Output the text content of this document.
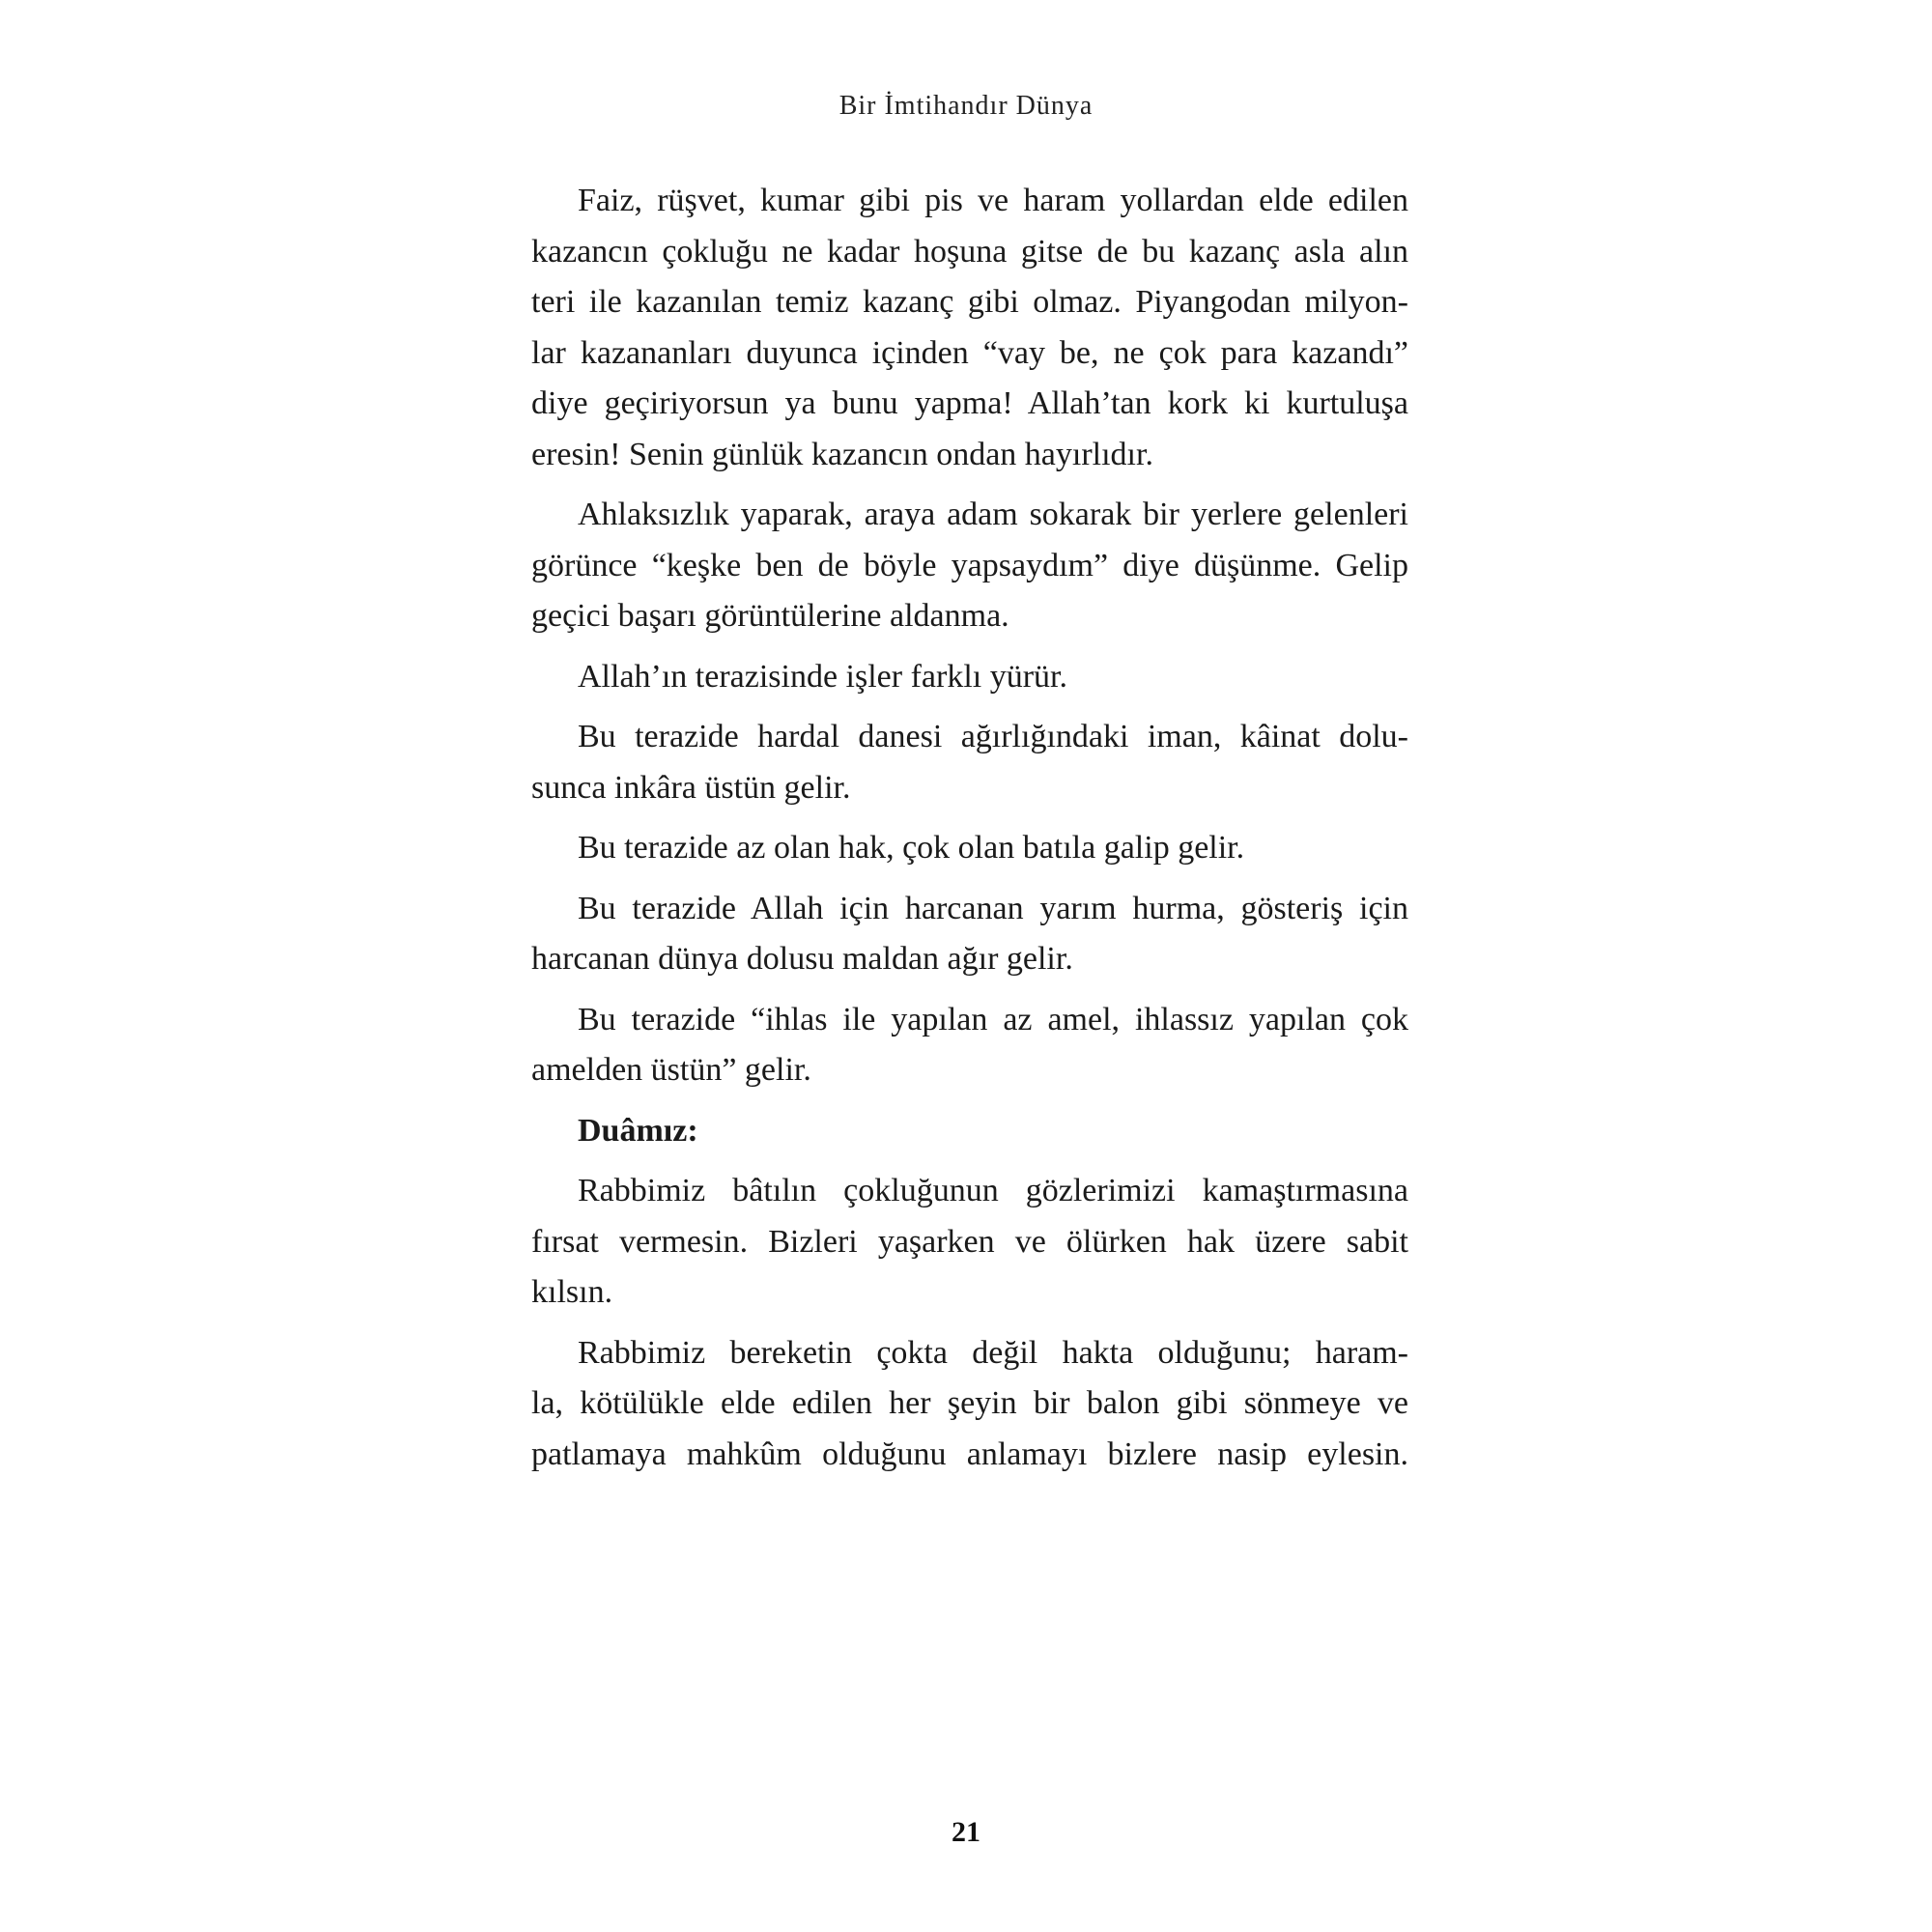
Bir İmtihandır Dünya

Faiz, rüşvet, kumar gibi pis ve haram yollardan elde edilen
kazancın çokluğu ne kadar hoşuna gitse de bu kazanç asla alın
teri ile kazanılan temiz kazanç gibi olmaz. Piyangodan milyon-
lar kazananları duyunca içinden “vay be, ne çok para kazandı”
diye geçiriyorsun ya bunu yapma! Allah’tan kork ki kurtuluşa
eresin! Senin günlük kazancın ondan hayırlıdır.

Ahlaksızlık yaparak, araya adam sokarak bir yerlere gelenleri
görünce “keşke ben de böyle yapsaydım” diye düşünme. Gelip
geçici başarı görüntülerine aldanma.

Allah’ın terazisinde işler farklı yürür.

Bu terazide hardal danesi ağırlığındaki iman, kâinat dolu-
sunca inkâra üstün gelir.

Bu terazide az olan hak, çok olan batıla galip gelir.

Bu terazide Allah için harcanan yarım hurma, gösteriş için
harcanan dünya dolusu maldan ağır gelir.

Bu terazide “ihlas ile yapılan az amel, ihlassız yapılan çok
amelden üstün” gelir.

Duâmız:

Rabbimiz bâtılın çokluğunun gözlerimizi kamaştırmasına
fırsat vermesin. Bizleri yaşarken ve ölürken hak üzere sabit
kılsın.

Rabbimiz bereketin çokta değil hakta olduğunu; haram-
la, kötülükle elde edilen her şeyin bir balon gibi sönmeye ve
patlamaya mahkûm olduğunu anlamayı bizlere nasip eylesin.

21
